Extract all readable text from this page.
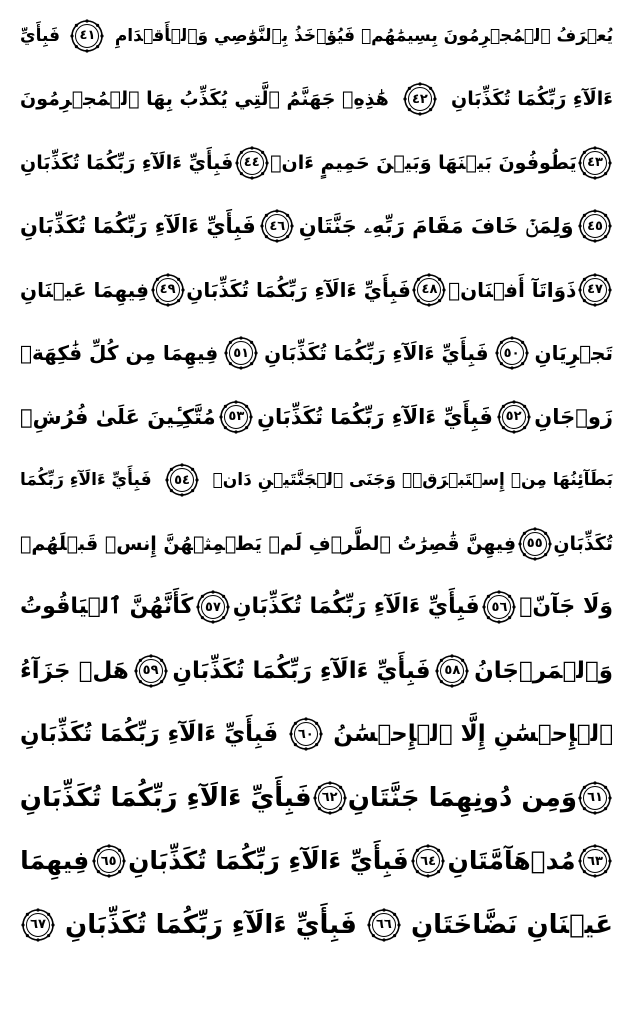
يُعۡرَفُ ٱلۡمُجۡرِمُونَ بِسِيمَٰهُمۡ فَيُؤۡخَذُ بِٱلنَّوَٰصِي وَٱلۡأَقۡدَامِ
٤١
فَبِأَيِّ
ءَالَآءِ رَبِّكُمَا تُكَذِّبَانِ
٤٢
هَٰذِهِۦ جَهَنَّمُ ٱلَّتِي يُكَذِّبُ بِهَا ٱلۡمُجۡرِمُونَ
٤٣
يَطُوفُونَ بَيۡنَهَا وَبَيۡنَ حَمِيمٍ ءَانٖ
٤٤
فَبِأَيِّ ءَالَآءِ رَبِّكُمَا تُكَذِّبَانِ
٤٥
وَلِمَنۡ خَافَ مَقَامَ رَبِّهِۦ جَنَّتَانِ
٤٦
فَبِأَيِّ ءَالَآءِ رَبِّكُمَا تُكَذِّبَانِ
٤٧
ذَوَاتَآ أَفۡنَانٖ
٤٨
فَبِأَيِّ ءَالَآءِ رَبِّكُمَا تُكَذِّبَانِ
٤٩
فِيهِمَا عَيۡنَانِ
تَجۡرِيَانِ
٥٠
فَبِأَيِّ ءَالَآءِ رَبِّكُمَا تُكَذِّبَانِ
٥١
فِيهِمَا مِن كُلِّ فَٰكِهَةٖ
زَوۡجَانِ
٥٢
فَبِأَيِّ ءَالَآءِ رَبِّكُمَا تُكَذِّبَانِ
٥٣
مُتَّكِـِٔينَ عَلَىٰ فُرُشِۭ
بَطَآئِنُهَا مِنۡ إِسۡتَبۡرَقٖۚ وَجَنَى ٱلۡجَنَّتَيۡنِ دَانٖ
٥٤
فَبِأَيِّ ءَالَآءِ رَبِّكُمَا
تُكَذِّبَانِ
٥٥
فِيهِنَّ قَٰصِرَٰتُ ٱلطَّرۡفِ لَمۡ يَطۡمِثۡهُنَّ إِنسٞ قَبۡلَهُمۡ
وَلَا جَآنّٞ
٥٦
فَبِأَيِّ ءَالَآءِ رَبِّكُمَا تُكَذِّبَانِ
٥٧
كَأَنَّهُنَّ ٱلۡيَاقُوتُ
وَٱلۡمَرۡجَانُ
٥٨
فَبِأَيِّ ءَالَآءِ رَبِّكُمَا تُكَذِّبَانِ
٥٩
هَلۡ جَزَآءُ
ٱلۡإِحۡسَٰنِ إِلَّا ٱلۡإِحۡسَٰنُ
٦٠
فَبِأَيِّ ءَالَآءِ رَبِّكُمَا تُكَذِّبَانِ
٦١
وَمِن دُونِهِمَا جَنَّتَانِ
٦٢
فَبِأَيِّ ءَالَآءِ رَبِّكُمَا تُكَذِّبَانِ
٦٣
مُدۡهَآمَّتَانِ
٦٤
فَبِأَيِّ ءَالَآءِ رَبِّكُمَا تُكَذِّبَانِ
٦٥
فِيهِمَا
عَيۡنَانِ نَضَّاخَتَانِ
٦٦
فَبِأَيِّ ءَالَآءِ رَبِّكُمَا تُكَذِّبَانِ
٦٧
